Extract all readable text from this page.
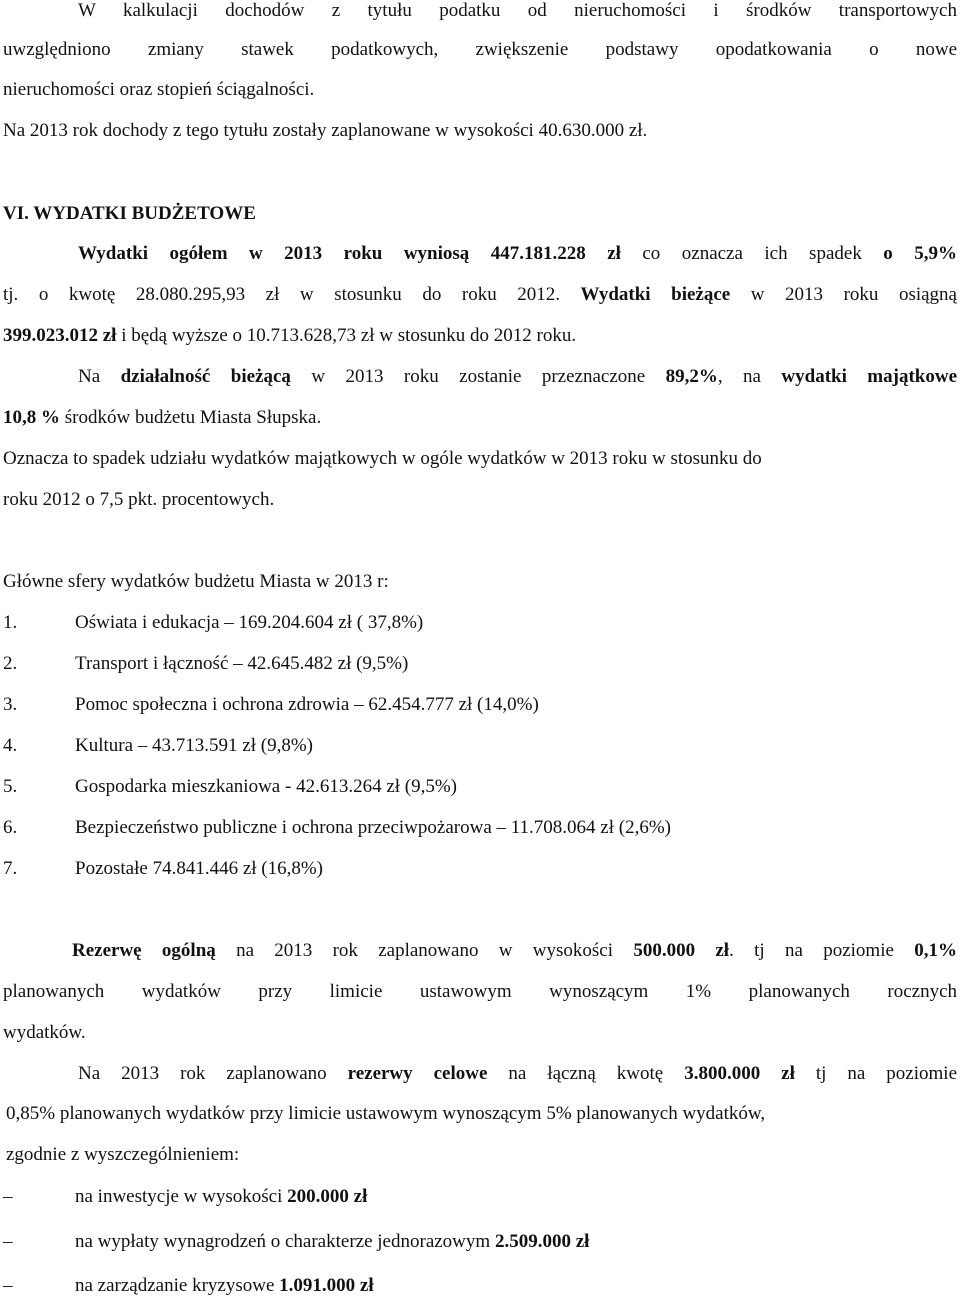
W kalkulacji dochodów z tytułu podatku od nieruchomości i środków transportowych
uwzględniono zmiany stawek podatkowych, zwiększenie podstawy opodatkowania o nowe
nieruchomości oraz stopień ściągalności.
Na 2013 rok dochody z tego tytułu zostały zaplanowane w wysokości 40.630.000 zł.
VI. WYDATKI BUDŻETOWE
Wydatki ogółem w 2013 roku wyniosą 447.181.228 zł co oznacza ich spadek o 5,9%
tj. o kwotę 28.080.295,93 zł w stosunku do roku 2012. Wydatki bieżące w 2013 roku osiągną
399.023.012 zł i będą wyższe o 10.713.628,73 zł w stosunku do 2012 roku.
Na działalność bieżącą w 2013 roku zostanie przeznaczone 89,2%, na wydatki majątkowe
10,8 % środków budżetu Miasta Słupska.
Oznacza to spadek udziału wydatków majątkowych w ogóle wydatków w 2013 roku w stosunku do
roku 2012 o 7,5 pkt. procentowych.
Główne sfery wydatków budżetu Miasta w 2013 r:
1.	Oświata i edukacja – 169.204.604 zł ( 37,8%)
2.	Transport i łączność – 42.645.482 zł (9,5%)
3.	Pomoc społeczna i ochrona zdrowia – 62.454.777 zł (14,0%)
4.	Kultura – 43.713.591 zł (9,8%)
5.	Gospodarka mieszkaniowa - 42.613.264 zł (9,5%)
6.	Bezpieczeństwo publiczne i ochrona przeciwpożarowa – 11.708.064 zł (2,6%)
7.	Pozostałe 74.841.446 zł (16,8%)
Rezerwę ogólną na 2013 rok zaplanowano w wysokości 500.000 zł. tj na poziomie 0,1%
planowanych wydatków przy limicie ustawowym wynoszącym 1% planowanych rocznych
wydatków.
Na 2013 rok zaplanowano rezerwy celowe na łączną kwotę 3.800.000 zł tj na poziomie
0,85% planowanych wydatków przy limicie ustawowym wynoszącym 5% planowanych wydatków,
zgodnie z wyszczególnieniem:
–	na inwestycje w wysokości 200.000 zł
–	na wypłaty wynagrodzeń o charakterze jednorazowym 2.509.000 zł
–	na zarządzanie kryzysowe 1.091.000 zł
